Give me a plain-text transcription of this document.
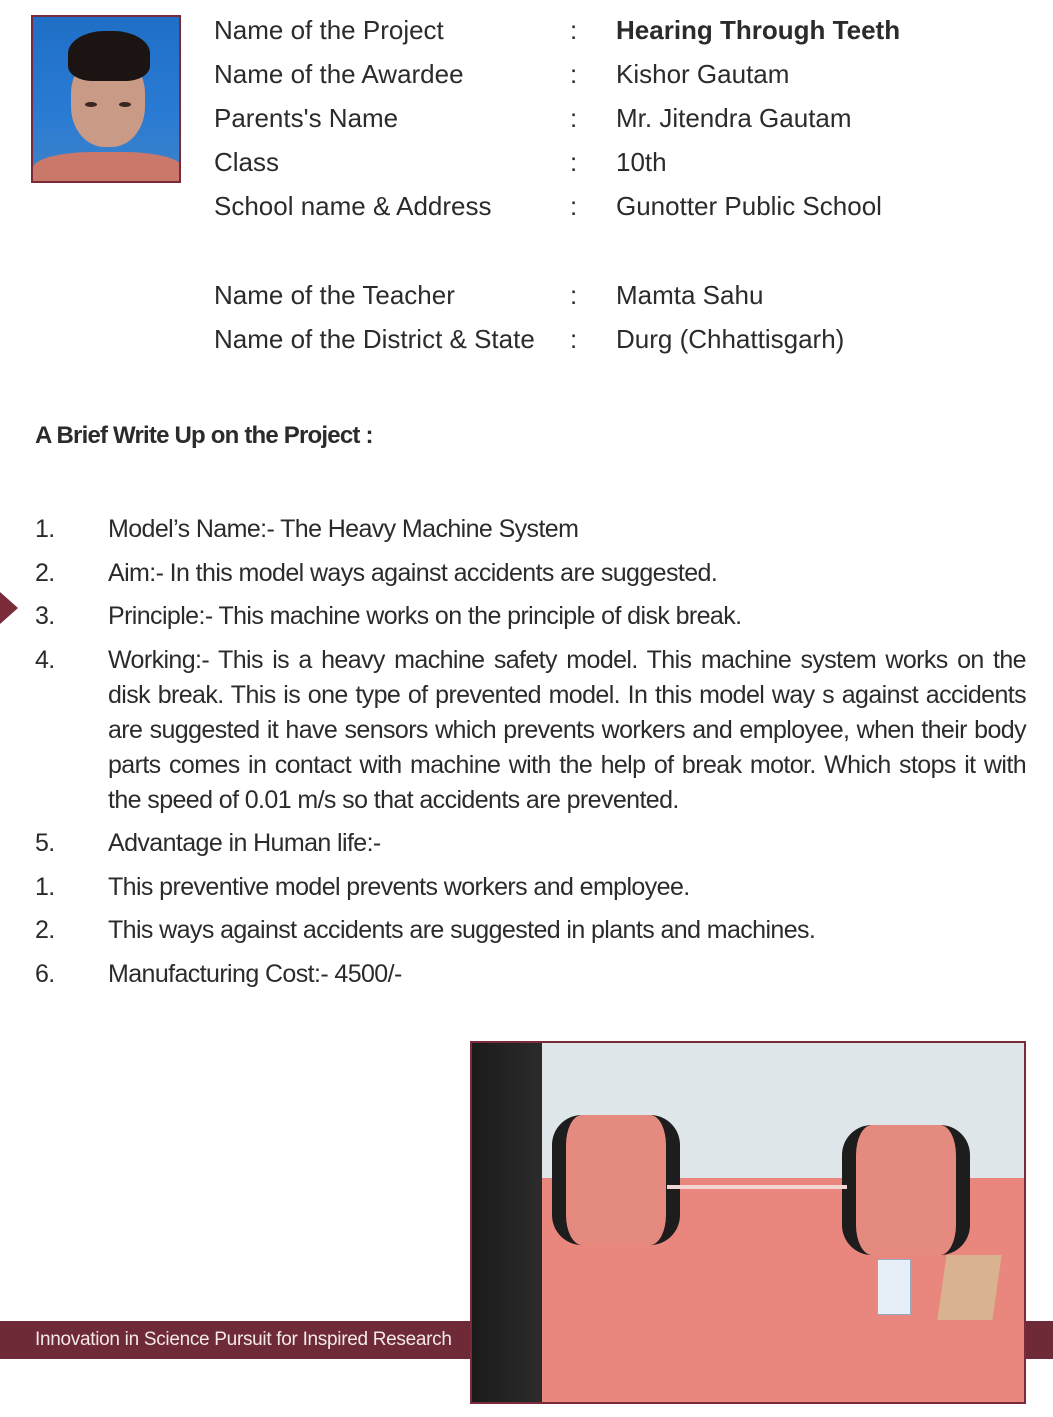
Name of the Project	: Hearing Through Teeth
Name of the Awardee	: Kishor Gautam
Parents's Name	: Mr. Jitendra Gautam
Class	: 10th
School name & Address	: Gunotter Public School
Name of the Teacher	: Mamta Sahu
Name of the District & State : Durg (Chhattisgarh)
A Brief Write Up on the Project :
1.	Model’s Name:- The Heavy Machine System
2.	Aim:- In this model ways against accidents are suggested.
3.	Principle:- This machine works on the principle of disk break.
4.	Working:- This is a heavy machine safety model. This machine system works on the disk break. This is one type of prevented model. In this model way s against accidents are suggested it have sensors which prevents workers and employee, when their body parts comes in contact with machine with the help of break motor. Which stops it with the speed of 0.01 m/s so that accidents are prevented.
5.	Advantage in Human life:-
1.	This preventive model prevents workers and employee.
2.	This ways against accidents are suggested in plants and machines.
6.	Manufacturing Cost:- 4500/-
Innovation in Science Pursuit for Inspired Research
